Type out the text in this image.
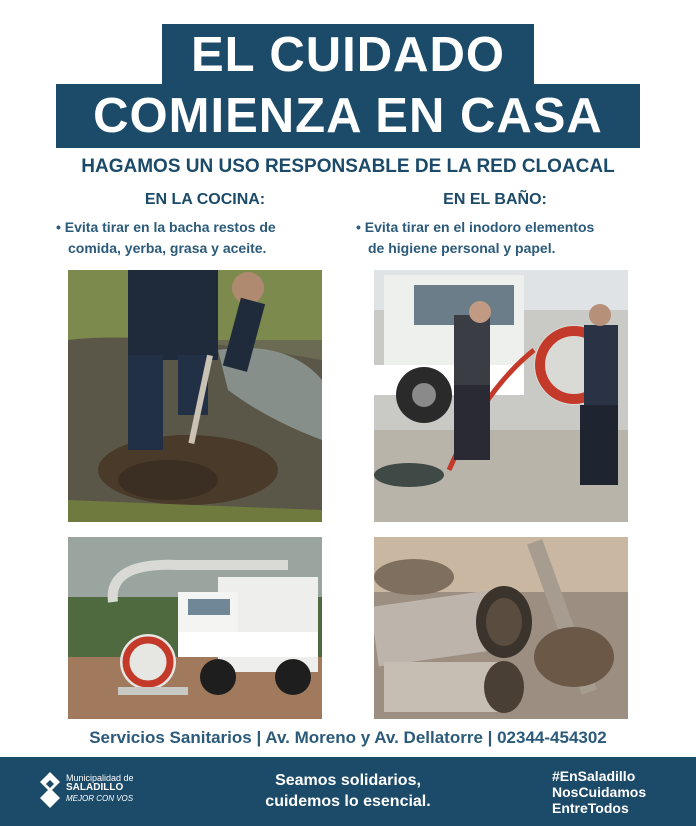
EL CUIDADO
COMIENZA EN CASA
HAGAMOS UN USO RESPONSABLE DE LA RED CLOACAL
EN LA COCINA:
• Evita tirar en la bacha restos de
comida, yerba, grasa y aceite.
EN EL BAÑO:
• Evita tirar en el inodoro elementos
de higiene personal y papel.
Servicios Sanitarios | Av. Moreno y Av. Dellatorre | 02344-454302
Municipalidad de
SALADILLO
MEJOR CON VOS
Seamos solidarios,
cuidemos lo esencial.
#EnSaladillo
NosCuidamos
EntreTodos
